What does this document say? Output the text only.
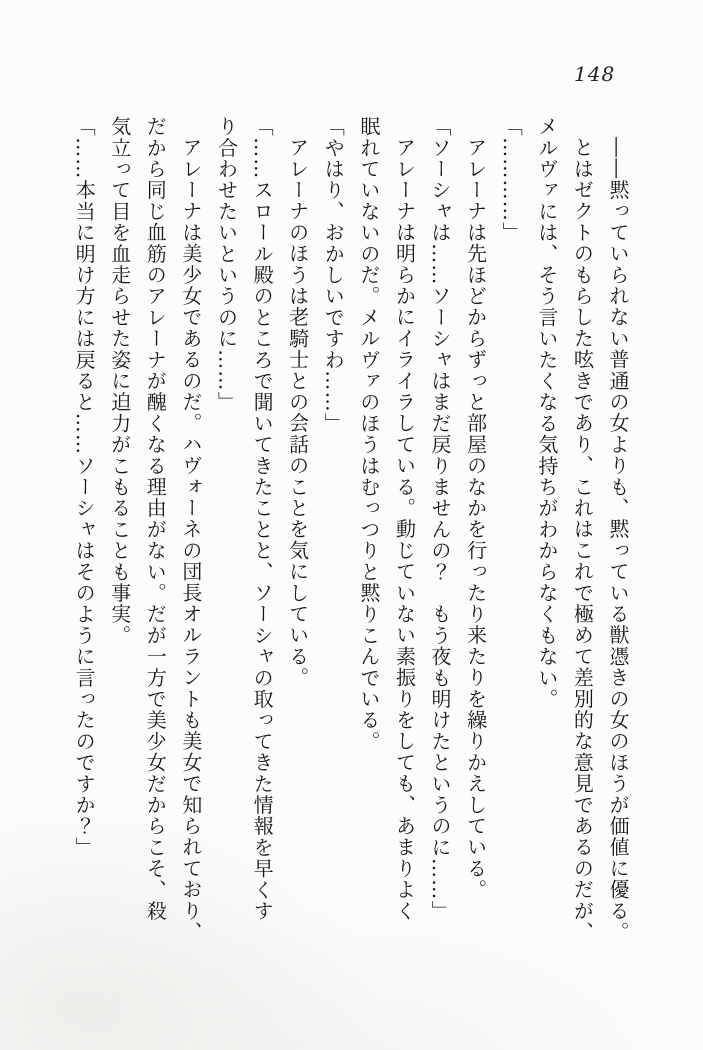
148
――黙っていられない普通の女よりも、黙っている獣憑きの女のほうが価値に優る。
とはゼクトのもらした呟きであり、これはこれで極めて差別的な意見であるのだが、
メルヴァには、そう言いたくなる気持ちがわからなくもない。
「…………」
アレーナは先ほどからずっと部屋のなかを行ったり来たりを繰りかえしている。
「ソーシャは……ソーシャはまだ戻りませんの？　もう夜も明けたというのに……」
アレーナは明らかにイライラしている。動じていない素振りをしても、あまりよく
眠れていないのだ。メルヴァのほうはむっつりと黙りこんでいる。
「やはり、おかしいですわ……」
アレーナのほうは老騎士との会話のことを気にしている。
「……スロール殿のところで聞いてきたことと、ソーシャの取ってきた情報を早くす
り合わせたいというのに……」
アレーナは美少女であるのだ。ハヴォーネの団長オルラントも美女で知られており、
だから同じ血筋のアレーナが醜くなる理由がない。だが一方で美少女だからこそ、殺
気立って目を血走らせた姿に迫力がこもることも事実。
「……本当に明け方には戻ると……ソーシャはそのように言ったのですか？」
